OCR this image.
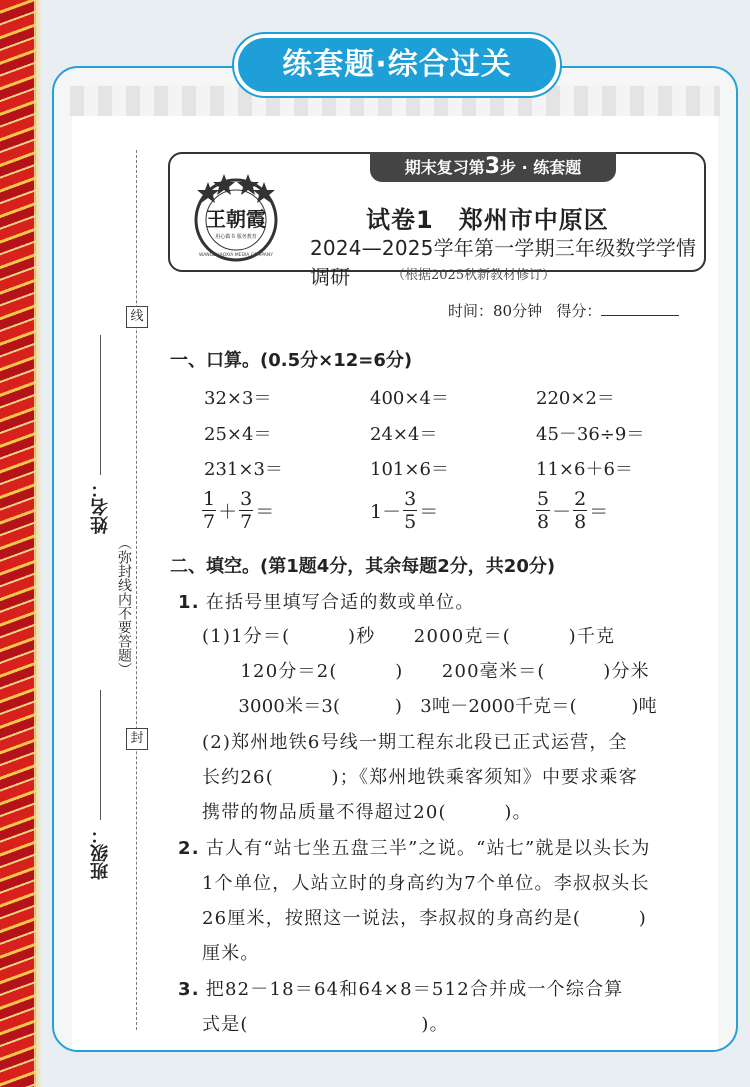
练套题·综合过关
线
（弥封线内不要答题）
封
姓名：
班级：
期末复习第3步 · 练套题
王朝霞
用心做书 服务教育
WANGZHAOXIA MEDIA COMPANY
试卷1　郑州市中原区
2024—2025学年第一学期三年级数学学情调研	（根据2025秋新教材修订）
时间：80分钟 得分：
一、口算。(0.5分×12=6分)
32×3＝	400×4＝	220×2＝
25×4＝	24×4＝	45－36÷9＝
231×3＝	101×6＝	11×6＋6＝
$\frac{1}{7} + \frac{3}{7}$ ＝	$1- \frac{3}{5}$ ＝	$\frac{5}{8} - \frac{2}{8}$ ＝
二、填空。(第1题4分，其余每题2分，共20分)
1. 在括号里填写合适的数或单位。
(1)1分＝(　　　)秒　　2000克＝(　　　)千克
　　120分＝2(　　　)　　200毫米＝(　　　)分米
　　3000米＝3(　　　)　3吨－2000千克＝(　　　)吨
(2)郑州地铁6号线一期工程东北段已正式运营，全
长约26(　　　)；《郑州地铁乘客须知》中要求乘客
携带的物品质量不得超过20(　　　)。
2. 古人有“站七坐五盘三半”之说。“站七”就是以头长为
1个单位，人站立时的身高约为7个单位。李叔叔头长
26厘米，按照这一说法，李叔叔的身高约是(　　　)
厘米。
3. 把82－18＝64和64×8＝512合并成一个综合算
式是(　　　　　　　　　)。
